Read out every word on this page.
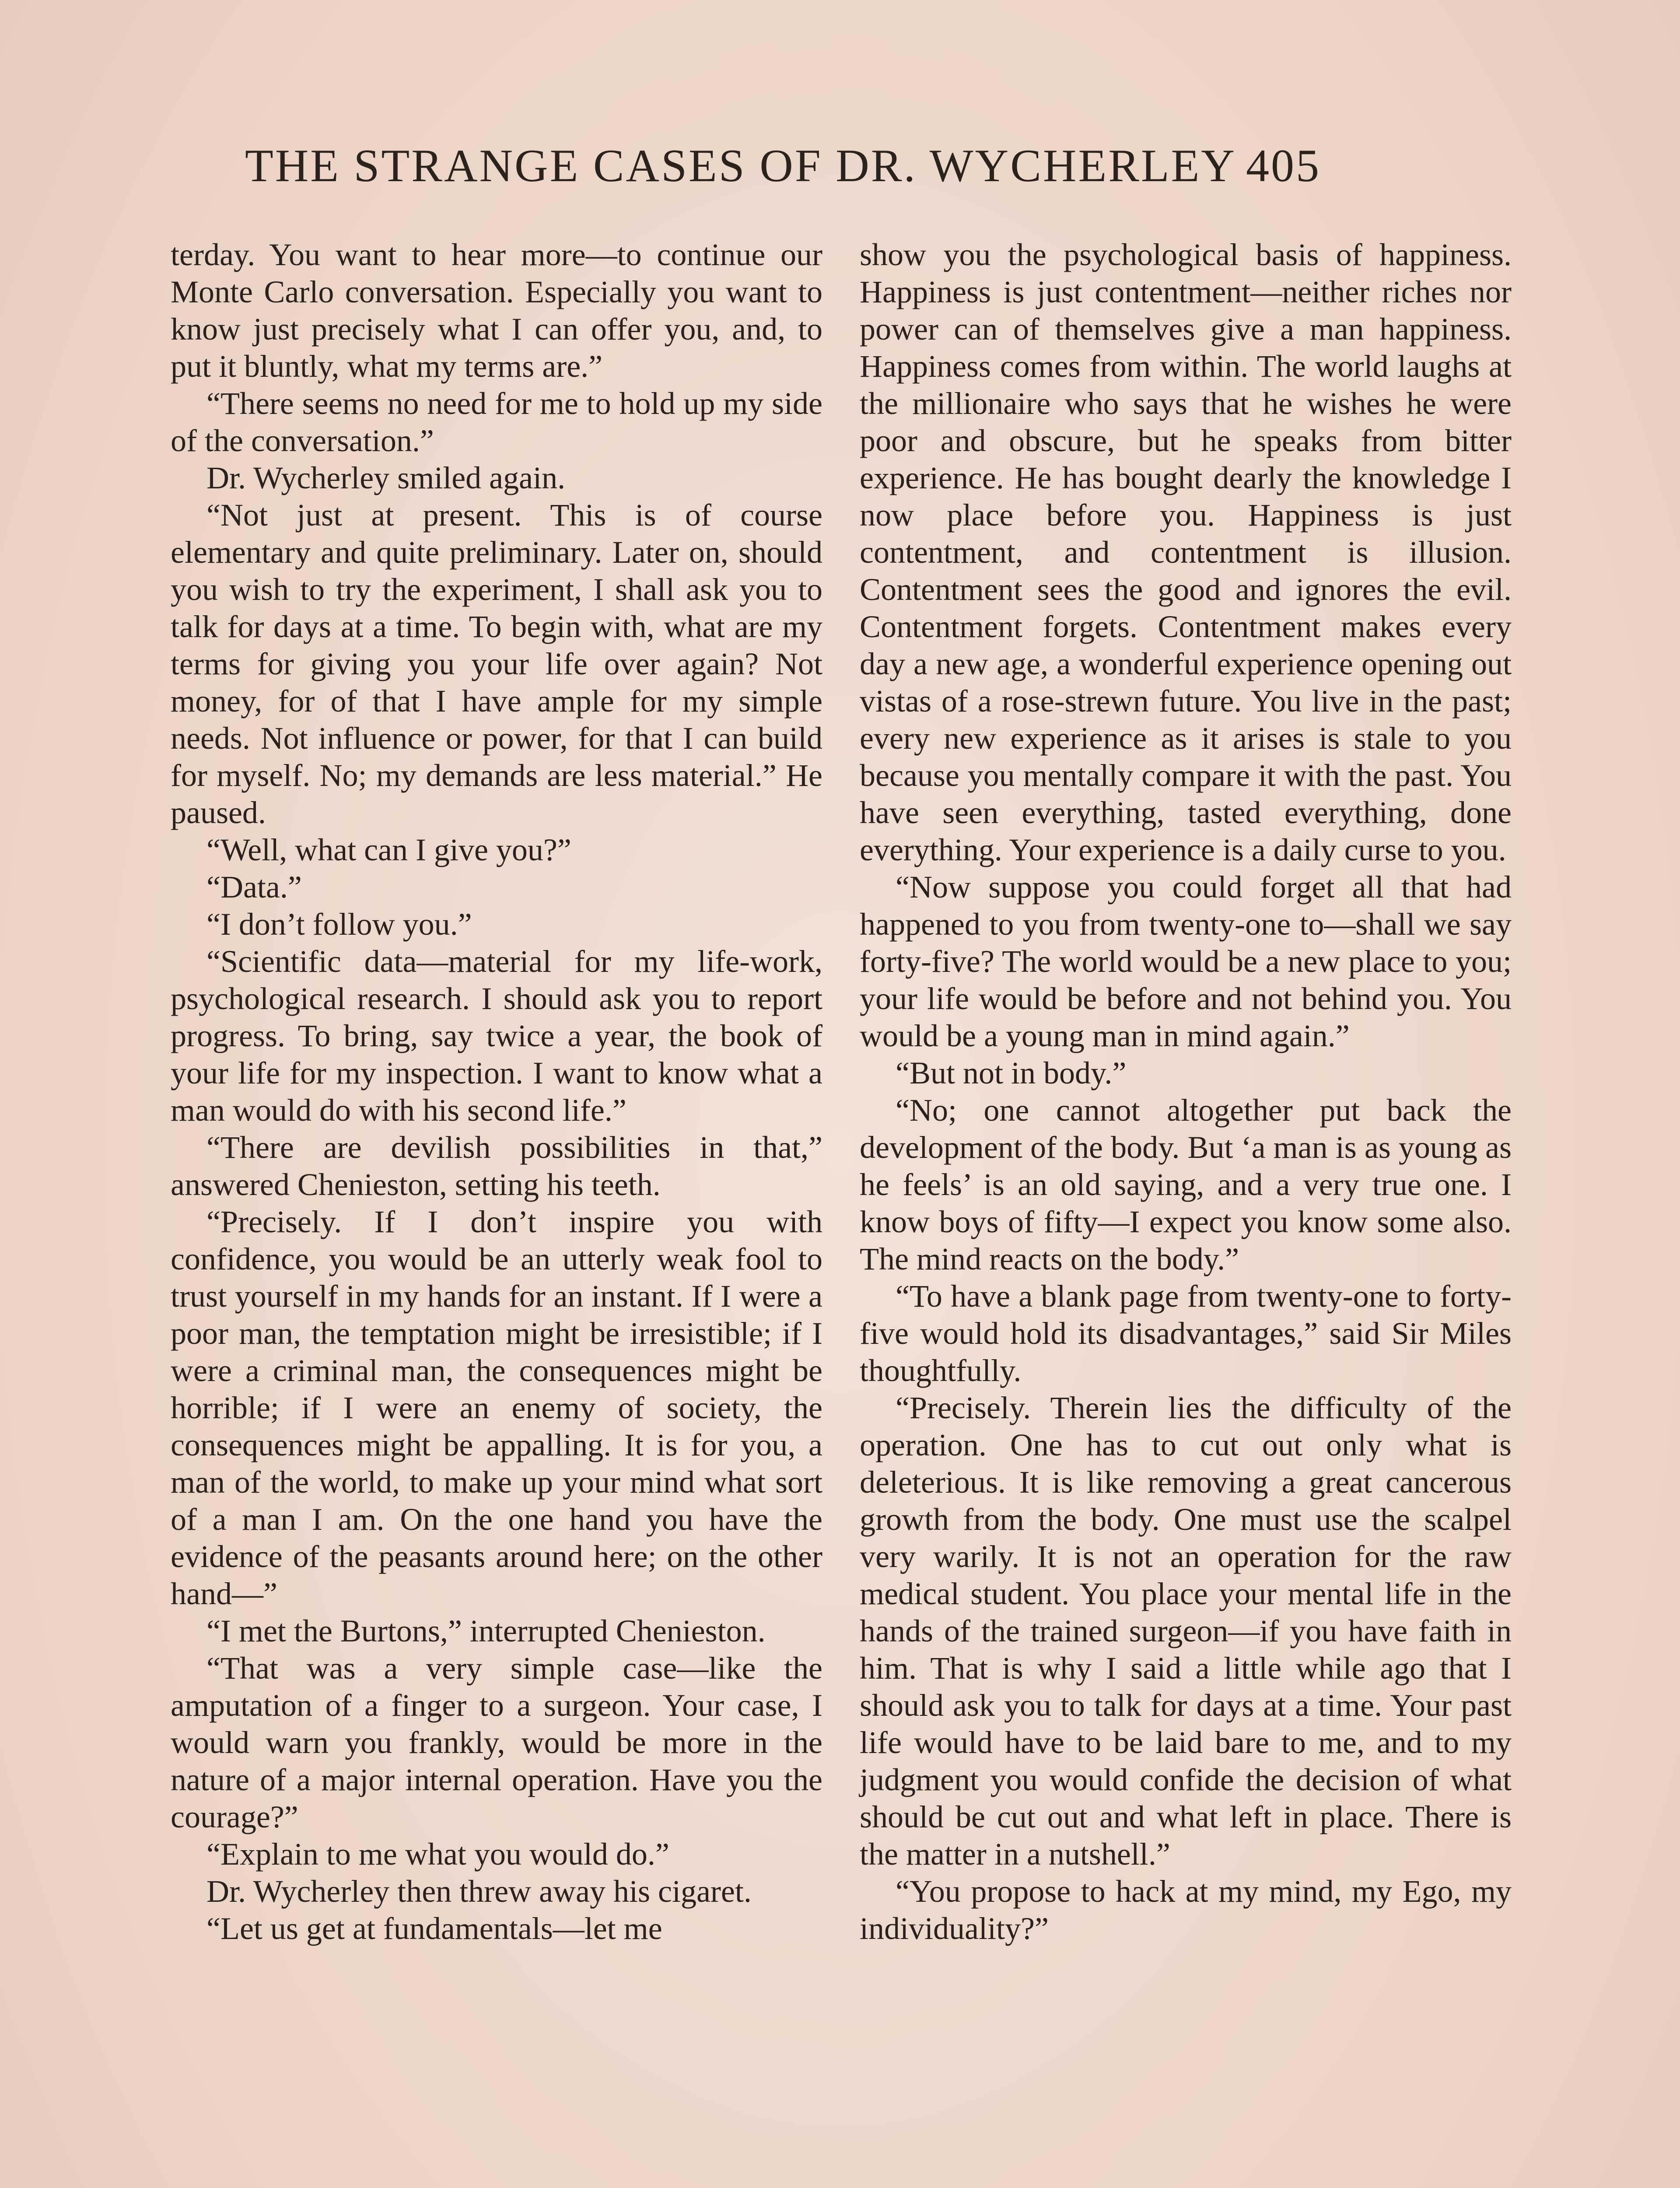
THE STRANGE CASES OF DR. WYCHERLEY 405

terday. You want to hear more—to continue our Monte Carlo conversation. Especially you want to know just precisely what I can offer you, and, to put it bluntly, what my terms are.”

“There seems no need for me to hold up my side of the conversation.”

Dr. Wycherley smiled again.

“Not just at present. This is of course elementary and quite preliminary. Later on, should you wish to try the experiment, I shall ask you to talk for days at a time. To begin with, what are my terms for giving you your life over again? Not money, for of that I have ample for my simple needs. Not influence or power, for that I can build for myself. No; my demands are less material.” He paused.

“Well, what can I give you?”

“Data.”

“I don’t follow you.”

“Scientific data—material for my life-work, psychological research. I should ask you to report progress. To bring, say twice a year, the book of your life for my inspection. I want to know what a man would do with his second life.”

“There are devilish possibilities in that,” answered Chenieston, setting his teeth.

“Precisely. If I don’t inspire you with confidence, you would be an utterly weak fool to trust yourself in my hands for an instant. If I were a poor man, the temptation might be irresistible; if I were a criminal man, the consequences might be horrible; if I were an enemy of society, the consequences might be appalling. It is for you, a man of the world, to make up your mind what sort of a man I am. On the one hand you have the evidence of the peasants around here; on the other hand—”

“I met the Burtons,” interrupted Chenieston.

“That was a very simple case—like the amputation of a finger to a surgeon. Your case, I would warn you frankly, would be more in the nature of a major internal operation. Have you the courage?”

“Explain to me what you would do.”

Dr. Wycherley then threw away his cigaret.

“Let us get at fundamentals—let me

show you the psychological basis of happiness. Happiness is just contentment—neither riches nor power can of themselves give a man happiness. Happiness comes from within. The world laughs at the millionaire who says that he wishes he were poor and obscure, but he speaks from bitter experience. He has bought dearly the knowledge I now place before you. Happiness is just contentment, and contentment is illusion. Contentment sees the good and ignores the evil. Contentment forgets. Contentment makes every day a new age, a wonderful experience opening out vistas of a rose-strewn future. You live in the past; every new experience as it arises is stale to you because you mentally compare it with the past. You have seen everything, tasted everything, done everything. Your experience is a daily curse to you.

“Now suppose you could forget all that had happened to you from twenty-one to—shall we say forty-five? The world would be a new place to you; your life would be before and not behind you. You would be a young man in mind again.”

“But not in body.”

“No; one cannot altogether put back the development of the body. But ‘a man is as young as he feels’ is an old saying, and a very true one. I know boys of fifty—I expect you know some also. The mind reacts on the body.”

“To have a blank page from twenty-one to forty-five would hold its disadvantages,” said Sir Miles thoughtfully.

“Precisely. Therein lies the difficulty of the operation. One has to cut out only what is deleterious. It is like removing a great cancerous growth from the body. One must use the scalpel very warily. It is not an operation for the raw medical student. You place your mental life in the hands of the trained surgeon—if you have faith in him. That is why I said a little while ago that I should ask you to talk for days at a time. Your past life would have to be laid bare to me, and to my judgment you would confide the decision of what should be cut out and what left in place. There is the matter in a nutshell.”

“You propose to hack at my mind, my Ego, my individuality?”
